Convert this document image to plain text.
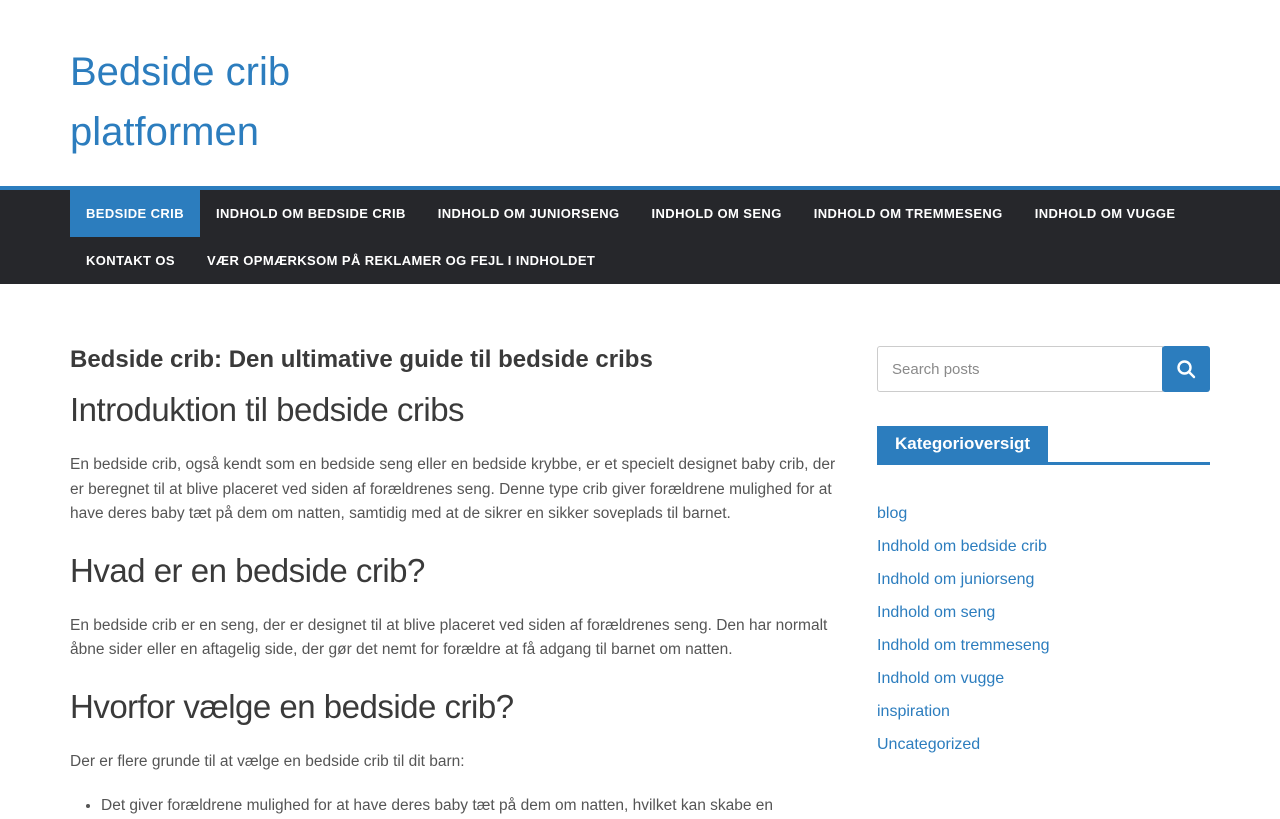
Bedside crib platformen
BEDSIDE CRIB	INDHOLD OM BEDSIDE CRIB	INDHOLD OM JUNIORSENG	INDHOLD OM SENG	INDHOLD OM TREMMESENG	INDHOLD OM VUGGE
KONTAKT OS	VÆR OPMÆRKSOM PÅ REKLAMER OG FEJL I INDHOLDET
Bedside crib: Den ultimative guide til bedside cribs
Introduktion til bedside cribs

En bedside crib, også kendt som en bedside seng eller en bedside krybbe, er et specielt designet baby crib, der er beregnet til at blive placeret ved siden af forældrenes seng. Denne type crib giver forældrene mulighed for at have deres baby tæt på dem om natten, samtidig med at de sikrer en sikker soveplads til barnet.

Hvad er en bedside crib?

En bedside crib er en seng, der er designet til at blive placeret ved siden af forældrenes seng. Den har normalt åbne sider eller en aftagelig side, der gør det nemt for forældre at få adgang til barnet om natten.

Hvorfor vælge en bedside crib?

Der er flere grunde til at vælge en bedside crib til dit barn:

• Det giver forældrene mulighed for at have deres baby tæt på dem om natten, hvilket kan skabe en
Search posts
Kategorioversigt
blog
Indhold om bedside crib
Indhold om juniorseng
Indhold om seng
Indhold om tremmeseng
Indhold om vugge
inspiration
Uncategorized
